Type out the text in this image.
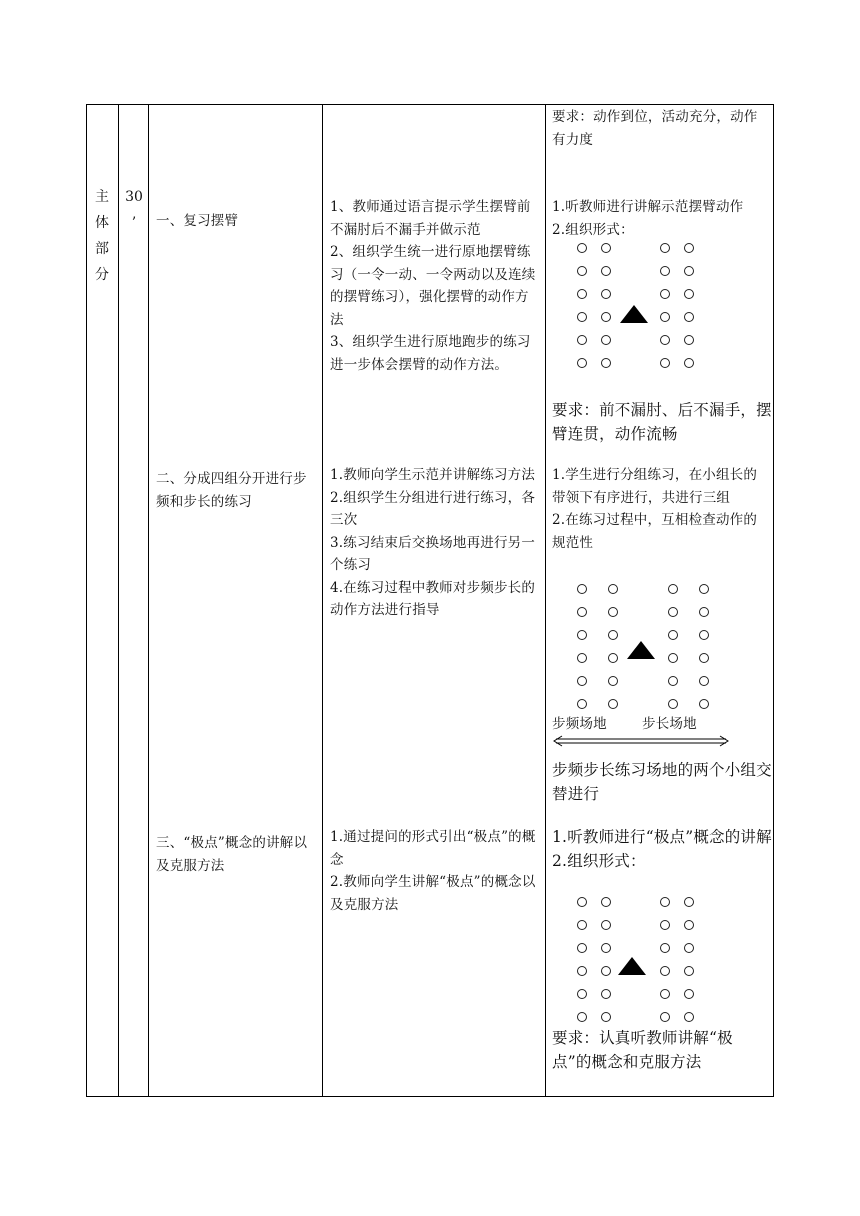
主
体
部
分
30
’	一、复习摆臂
1、教师通过语言提示学生摆臂前不漏肘后不漏手并做示范
2、组织学生统一进行原地摆臂练习（一令一动、一令两动以及连续的摆臂练习），强化摆臂的动作方法
3、组织学生进行原地跑步的练习进一步体会摆臂的动作方法。
要求：动作到位，活动充分，动作有力度
1.听教师进行讲解示范摆臂动作
2.组织形式：
要求：前不漏肘、后不漏手，摆臂连贯，动作流畅
二、分成四组分开进行步频和步长的练习
1.教师向学生示范并讲解练习方法
2.组织学生分组进行进行练习，各三次
3.练习结束后交换场地再进行另一个练习
4.在练习过程中教师对步频步长的动作方法进行指导
1.学生进行分组练习，在小组长的带领下有序进行，共进行三组
2.在练习过程中，互相检查动作的规范性
步频场地	步长场地
步频步长练习场地的两个小组交替进行
三、“极点”概念的讲解以及克服方法
1.通过提问的形式引出“极点”的概念
2.教师向学生讲解“极点”的概念以及克服方法
1.听教师进行“极点”概念的讲解
2.组织形式：
要求：认真听教师讲解“极点”的概念和克服方法
